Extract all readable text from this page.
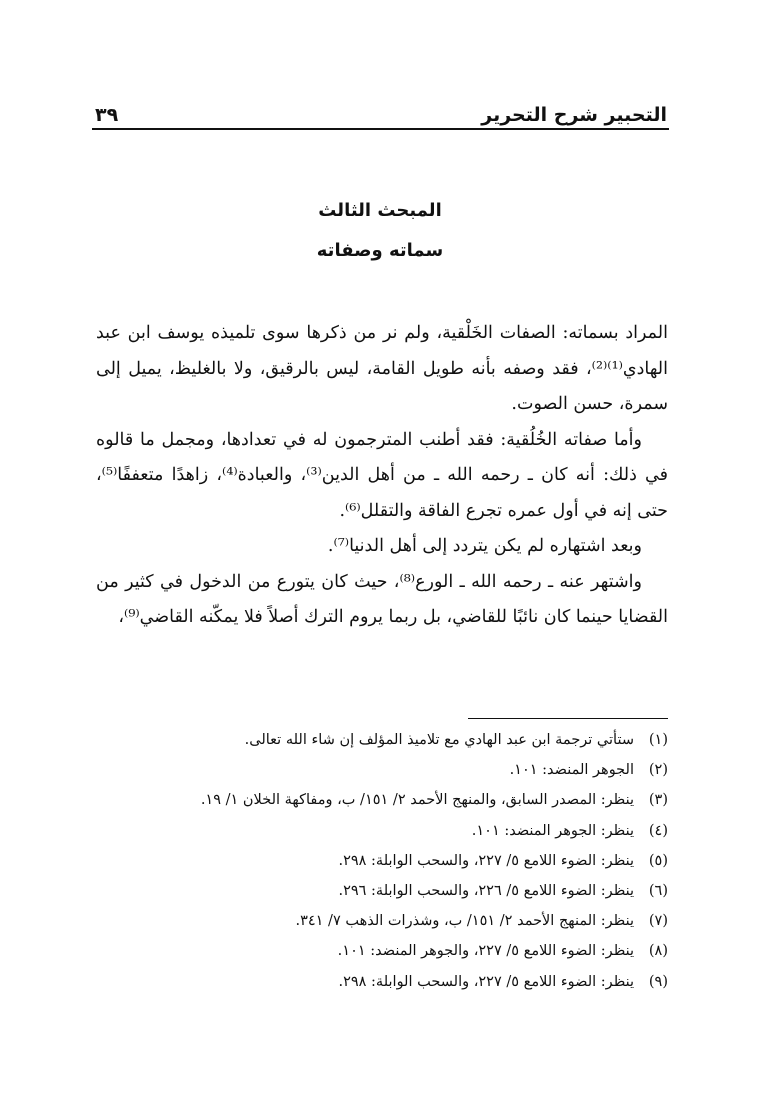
التحبير شرح التحرير
٣٩
المبحث الثالث
سماته وصفاته

المراد بسماته: الصفات الخَلْقية، ولم نر من ذكرها سوى تلميذه يوسف ابن عبد الهادي⁽¹⁾⁽²⁾، فقد وصفه بأنه طويل القامة، ليس بالرقيق، ولا بالغليظ، يميل إلى سمرة، حسن الصوت.

وأما صفاته الخُلُقية: فقد أطنب المترجمون له في تعدادها، ومجمل ما قالوه في ذلك: أنه كان ـ رحمه الله ـ من أهل الدين⁽³⁾، والعبادة⁽⁴⁾، زاهدًا متعففًا⁽⁵⁾، حتى إنه في أول عمره تجرع الفاقة والتقلل⁽⁶⁾.

وبعد اشتهاره لم يكن يتردد إلى أهل الدنيا⁽⁷⁾.

واشتهر عنه ـ رحمه الله ـ الورع⁽⁸⁾، حيث كان يتورع من الدخول في كثير من القضايا حينما كان نائبًا للقاضي، بل ربما يروم الترك أصلاً فلا يمكّنه القاضي⁽⁹⁾،

(١)
ستأتي ترجمة ابن عبد الهادي مع تلاميذ المؤلف إن شاء الله تعالى.
(٢)
الجوهر المنضد: ١٠١.
(٣)
ينظر: المصدر السابق، والمنهج الأحمد ٢/ ١٥١/ ب، ومفاكهة الخلان ١/ ١٩.
(٤)
ينظر: الجوهر المنضد: ١٠١.
(٥)
ينظر: الضوء اللامع ٥/ ٢٢٧، والسحب الوابلة: ٢٩٨.
(٦)
ينظر: الضوء اللامع ٥/ ٢٢٦، والسحب الوابلة: ٢٩٦.
(٧)
ينظر: المنهج الأحمد ٢/ ١٥١/ ب، وشذرات الذهب ٧/ ٣٤١.
(٨)
ينظر: الضوء اللامع ٥/ ٢٢٧، والجوهر المنضد: ١٠١.
(٩)
ينظر: الضوء اللامع ٥/ ٢٢٧، والسحب الوابلة: ٢٩٨.
